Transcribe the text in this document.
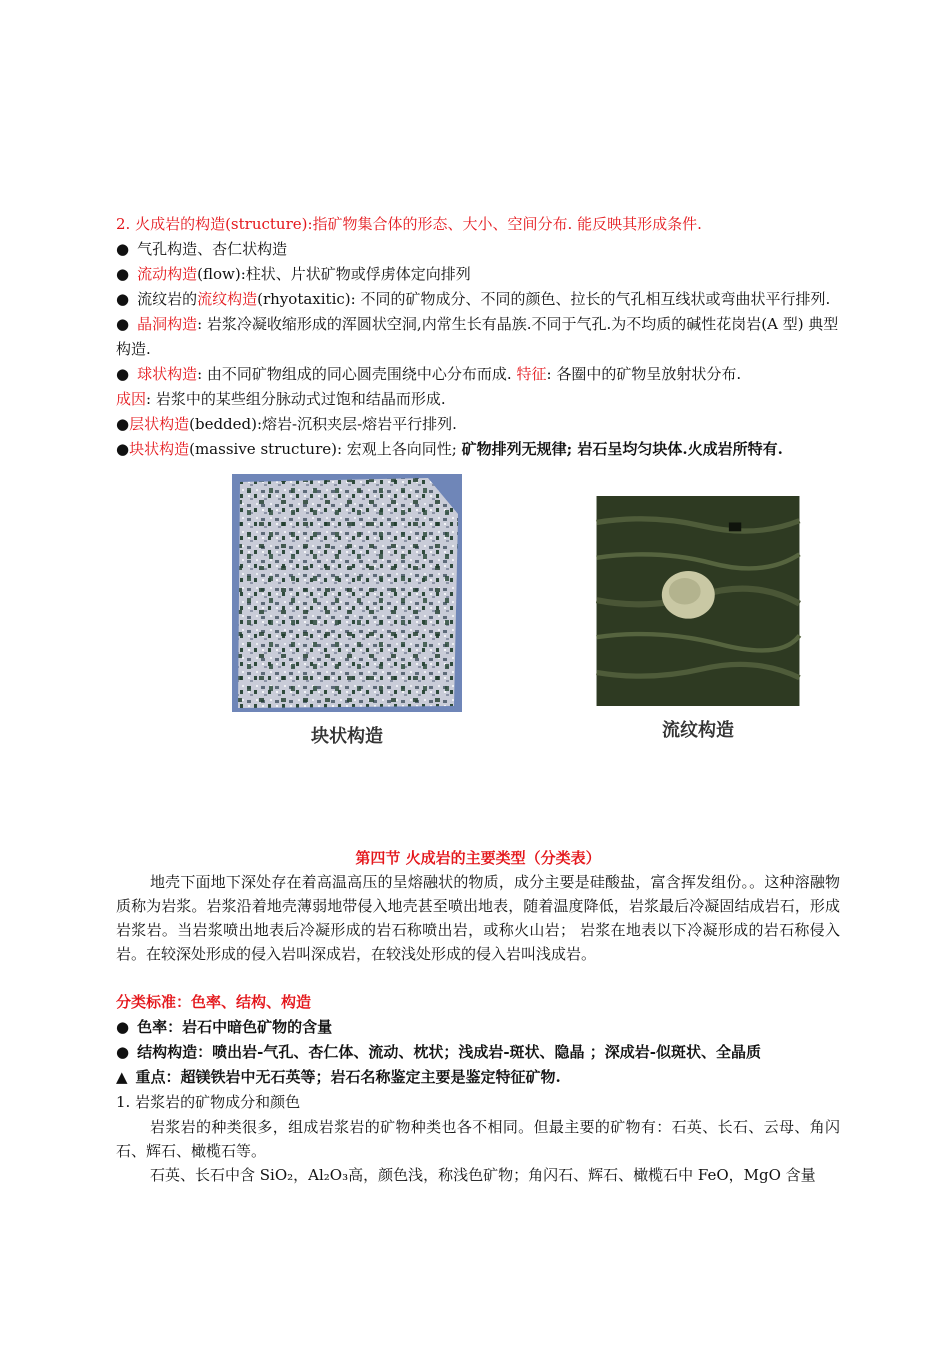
2. 火成岩的构造(structure):指矿物集合体的形态、大小、空间分布. 能反映其形成条件.

● 气孔构造、杏仁状构造

● 流动构造(flow):柱状、片状矿物或俘虏体定向排列

● 流纹岩的流纹构造(rhyotaxitic): 不同的矿物成分、不同的颜色、拉长的气孔相互线状或弯曲状平行排列.

● 晶洞构造: 岩浆冷凝收缩形成的浑圆状空洞,内常生长有晶族.不同于气孔.为不均质的碱性花岗岩(A 型) 典型构造.

● 球状构造: 由不同矿物组成的同心圆壳围绕中心分布而成. 特征: 各圈中的矿物呈放射状分布.
成因: 岩浆中的某些组分脉动式过饱和结晶而形成.

●层状构造(bedded):熔岩-沉积夹层-熔岩平行排列.

●块状构造(massive structure): 宏观上各向同性; 矿物排列无规律; 岩石呈均匀块体.火成岩所特有.

块状构造	流纹构造

第四节 火成岩的主要类型（分类表）

地壳下面地下深处存在着高温高压的呈熔融状的物质，成分主要是硅酸盐，富含挥发组份。。这种溶融物质称为岩浆。岩浆沿着地壳薄弱地带侵入地壳甚至喷出地表，随着温度降低，岩浆最后冷凝固结成岩石，形成岩浆岩。当岩浆喷出地表后冷凝形成的岩石称喷出岩，或称火山岩； 岩浆在地表以下冷凝形成的岩石称侵入岩。在较深处形成的侵入岩叫深成岩，在较浅处形成的侵入岩叫浅成岩。

分类标准：色率、结构、构造

● 色率：岩石中暗色矿物的含量

● 结构构造：喷出岩-气孔、杏仁体、流动、枕状；浅成岩-斑状、隐晶 ；深成岩-似斑状、全晶质

▲ 重点：超镁铁岩中无石英等；岩石名称鉴定主要是鉴定特征矿物.

1. 岩浆岩的矿物成分和颜色

岩浆岩的种类很多，组成岩浆岩的矿物种类也各不相同。但最主要的矿物有：石英、长石、云母、角闪石、辉石、橄榄石等。

石英、长石中含 SiO₂，Al₂O₃高，颜色浅，称浅色矿物；角闪石、辉石、橄榄石中 FeO，MgO 含量
